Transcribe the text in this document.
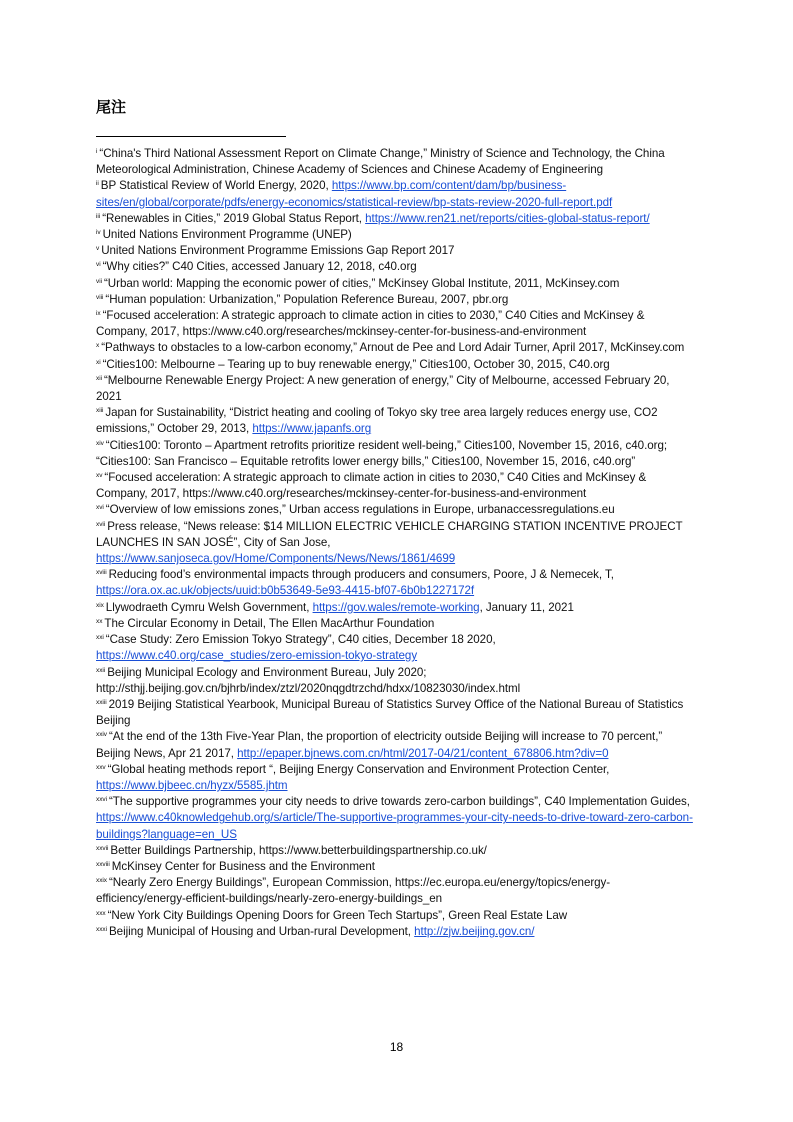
尾注

$^i$ “China's Third National Assessment Report on Climate Change,” Ministry of Science and Technology, the China Meteorological Administration, Chinese Academy of Sciences and Chinese Academy of Engineering

$^{ii}$ BP Statistical Review of World Energy, 2020, https://www.bp.com/content/dam/bp/business-sites/en/global/corporate/pdfs/energy-economics/statistical-review/bp-stats-review-2020-full-report.pdf

$^{iii}$ “Renewables in Cities,” 2019 Global Status Report, https://www.ren21.net/reports/cities-global-status-report/

$^{iv}$ United Nations Environment Programme (UNEP)

$^v$ United Nations Environment Programme Emissions Gap Report 2017

$^{vi}$ “Why cities?” C40 Cities, accessed January 12, 2018, c40.org

$^{vii}$ “Urban world: Mapping the economic power of cities,” McKinsey Global Institute, 2011, McKinsey.com

$^{viii}$ “Human population: Urbanization,” Population Reference Bureau, 2007, pbr.org

$^{ix}$ “Focused acceleration: A strategic approach to climate action in cities to 2030,” C40 Cities and McKinsey & Company, 2017, https://www.c40.org/researches/mckinsey-center-for-business-and-environment

$^x$ “Pathways to obstacles to a low-carbon economy,” Arnout de Pee and Lord Adair Turner, April 2017, McKinsey.com

$^{xi}$ “Cities100: Melbourne – Tearing up to buy renewable energy,” Cities100, October 30, 2015, C40.org

$^{xii}$ “Melbourne Renewable Energy Project: A new generation of energy,” City of Melbourne, accessed February 20, 2021

$^{xiii}$ Japan for Sustainability, “District heating and cooling of Tokyo sky tree area largely reduces energy use, CO2 emissions,” October 29, 2013, https://www.japanfs.org

$^{xiv}$ “Cities100: Toronto – Apartment retrofits prioritize resident well-being,” Cities100, November 15, 2016, c40.org; “Cities100: San Francisco – Equitable retrofits lower energy bills,” Cities100, November 15, 2016, c40.org”

$^{xv}$ “Focused acceleration: A strategic approach to climate action in cities to 2030,” C40 Cities and McKinsey & Company, 2017, https://www.c40.org/researches/mckinsey-center-for-business-and-environment

$^{xvi}$ “Overview of low emissions zones,” Urban access regulations in Europe, urbanaccessregulations.eu

$^{xvii}$ Press release, “News release: $14 MILLION ELECTRIC VEHICLE CHARGING STATION INCENTIVE PROJECT LAUNCHES IN SAN JOSÉ”, City of San Jose,

https://www.sanjoseca.gov/Home/Components/News/News/1861/4699

$^{xviii}$ Reducing food’s environmental impacts through producers and consumers, Poore, J & Nemecek, T,

https://ora.ox.ac.uk/objects/uuid:b0b53649-5e93-4415-bf07-6b0b1227172f

$^{xix}$ Llywodraeth Cymru Welsh Government, https://gov.wales/remote-working, January 11, 2021

$^{xx}$ The Circular Economy in Detail, The Ellen MacArthur Foundation

$^{xxi}$ “Case Study: Zero Emission Tokyo Strategy”, C40 cities, December 18 2020,

https://www.c40.org/case_studies/zero-emission-tokyo-strategy

$^{xxii}$ Beijing Municipal Ecology and Environment Bureau, July 2020;

http://sthjj.beijing.gov.cn/bjhrb/index/ztzl/2020nqgdtrzchd/hdxx/10823030/index.html

$^{xxiii}$ 2019 Beijing Statistical Yearbook, Municipal Bureau of Statistics Survey Office of the National Bureau of Statistics Beijing

$^{xxiv}$ “At the end of the 13th Five-Year Plan, the proportion of electricity outside Beijing will increase to 70 percent,” Beijing News, Apr 21 2017, http://epaper.bjnews.com.cn/html/2017-04/21/content_678806.htm?div=0

$^{xxv}$ “Global heating methods report “, Beijing Energy Conservation and Environment Protection Center,

https://www.bjbeec.cn/hyzx/5585.jhtm

$^{xxvi}$ “The supportive programmes your city needs to drive towards zero-carbon buildings”, C40 Implementation Guides, https://www.c40knowledgehub.org/s/article/The-supportive-programmes-your-city-needs-to-drive-toward-zero-carbon-buildings?language=en_US

$^{xxvii}$ Better Buildings Partnership, https://www.betterbuildingspartnership.co.uk/

$^{xxviii}$ McKinsey Center for Business and the Environment

$^{xxix}$ “Nearly Zero Energy Buildings”, European Commission, https://ec.europa.eu/energy/topics/energy-efficiency/energy-efficient-buildings/nearly-zero-energy-buildings_en

$^{xxx}$ “New York City Buildings Opening Doors for Green Tech Startups”, Green Real Estate Law

$^{xxxi}$ Beijing Municipal of Housing and Urban-rural Development, http://zjw.beijing.gov.cn/

18
